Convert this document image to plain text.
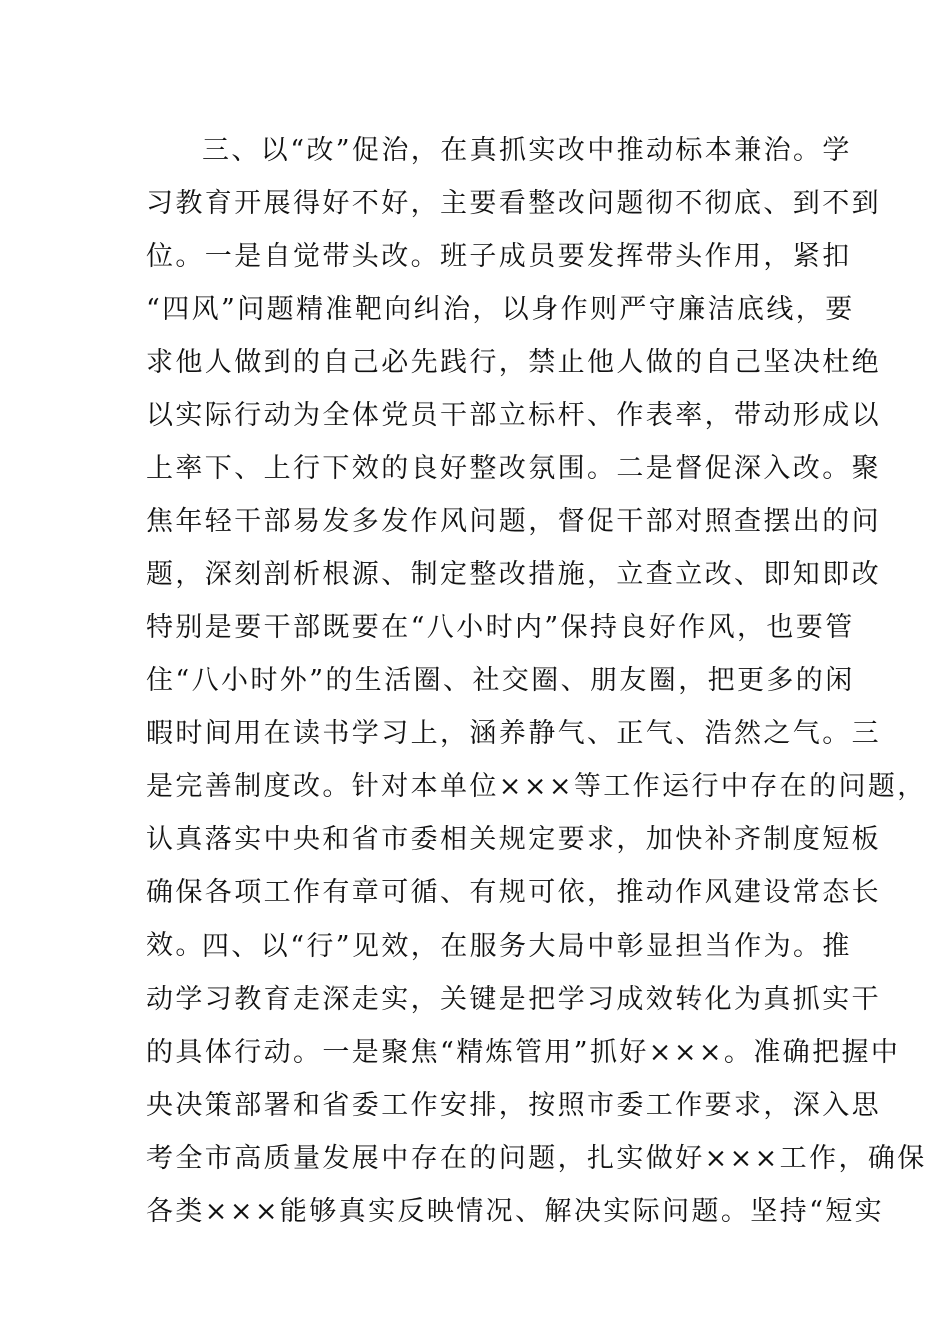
三、以“改”促治，在真抓实改中推动标本兼治。学
习教育开展得好不好，主要看整改问题彻不彻底、到不到
位。一是自觉带头改。班子成员要发挥带头作用，紧扣
“四风”问题精准靶向纠治，以身作则严守廉洁底线，要
求他人做到的自己必先践行，禁止他人做的自己坚决杜绝
以实际行动为全体党员干部立标杆、作表率，带动形成以
上率下、上行下效的良好整改氛围。二是督促深入改。聚
焦年轻干部易发多发作风问题，督促干部对照查摆出的问
题，深刻剖析根源、制定整改措施，立查立改、即知即改
特别是要干部既要在“八小时内”保持良好作风，也要管
住“八小时外”的生活圈、社交圈、朋友圈，把更多的闲
暇时间用在读书学习上，涵养静气、正气、浩然之气。三
是完善制度改。针对本单位×××等工作运行中存在的问题，
认真落实中央和省市委相关规定要求，加快补齐制度短板
确保各项工作有章可循、有规可依，推动作风建设常态长
效。
四、以“行”见效，在服务大局中彰显担当作为。推
动学习教育走深走实，关键是把学习成效转化为真抓实干
的具体行动。一是聚焦“精炼管用”抓好×××。准确把握中
央决策部署和省委工作安排，按照市委工作要求，深入思
考全市高质量发展中存在的问题，扎实做好×××工作，确保
各类×××能够真实反映情况、解决实际问题。坚持“短实
